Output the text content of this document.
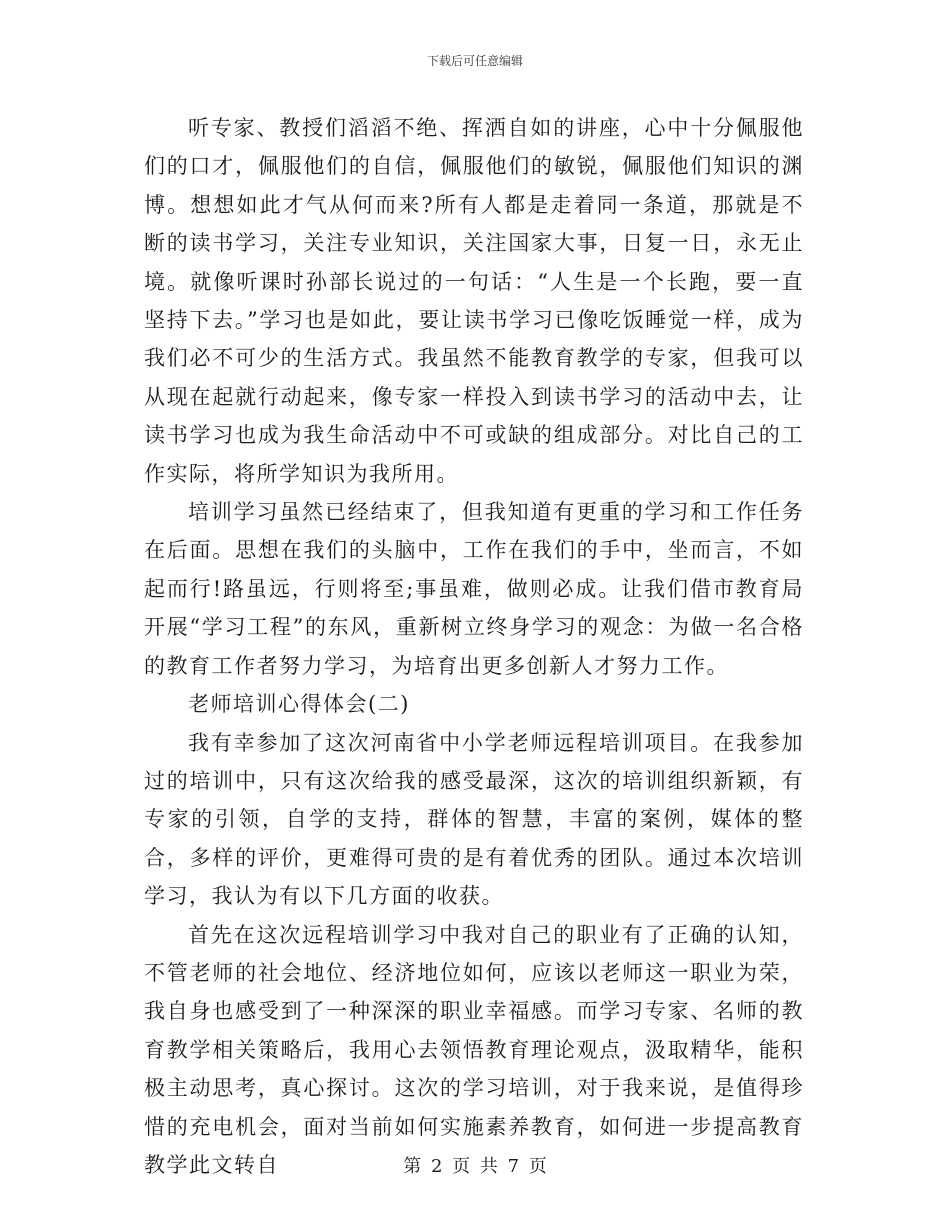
下载后可任意编辑

听专家、教授们滔滔不绝、挥洒自如的讲座，心中十分佩服他们的口才，佩服他们的自信，佩服他们的敏锐，佩服他们知识的渊博。想想如此才气从何而来?所有人都是走着同一条道，那就是不断的读书学习，关注专业知识，关注国家大事，日复一日，永无止境。就像听课时孙部长说过的一句话：“人生是一个长跑，要一直坚持下去。”学习也是如此，要让读书学习已像吃饭睡觉一样，成为我们必不可少的生活方式。我虽然不能教育教学的专家，但我可以从现在起就行动起来，像专家一样投入到读书学习的活动中去，让读书学习也成为我生命活动中不可或缺的组成部分。对比自己的工作实际，将所学知识为我所用。

培训学习虽然已经结束了，但我知道有更重的学习和工作任务在后面。思想在我们的头脑中，工作在我们的手中，坐而言，不如起而行!路虽远，行则将至;事虽难，做则必成。让我们借市教育局开展“学习工程”的东风，重新树立终身学习的观念：为做一名合格的教育工作者努力学习，为培育出更多创新人才努力工作。

老师培训心得体会(二)

我有幸参加了这次河南省中小学老师远程培训项目。在我参加过的培训中，只有这次给我的感受最深，这次的培训组织新颖，有专家的引领，自学的支持，群体的智慧，丰富的案例，媒体的整合，多样的评价，更难得可贵的是有着优秀的团队。通过本次培训学习，我认为有以下几方面的收获。

首先在这次远程培训学习中我对自己的职业有了正确的认知，不管老师的社会地位、经济地位如何，应该以老师这一职业为荣，我自身也感受到了一种深深的职业幸福感。而学习专家、名师的教育教学相关策略后，我用心去领悟教育理论观点，汲取精华，能积极主动思考，真心探讨。这次的学习培训，对于我来说，是值得珍惜的充电机会，面对当前如何实施素养教育，如何进一步提高教育教学此文转自	第 2 页 共 7 页
